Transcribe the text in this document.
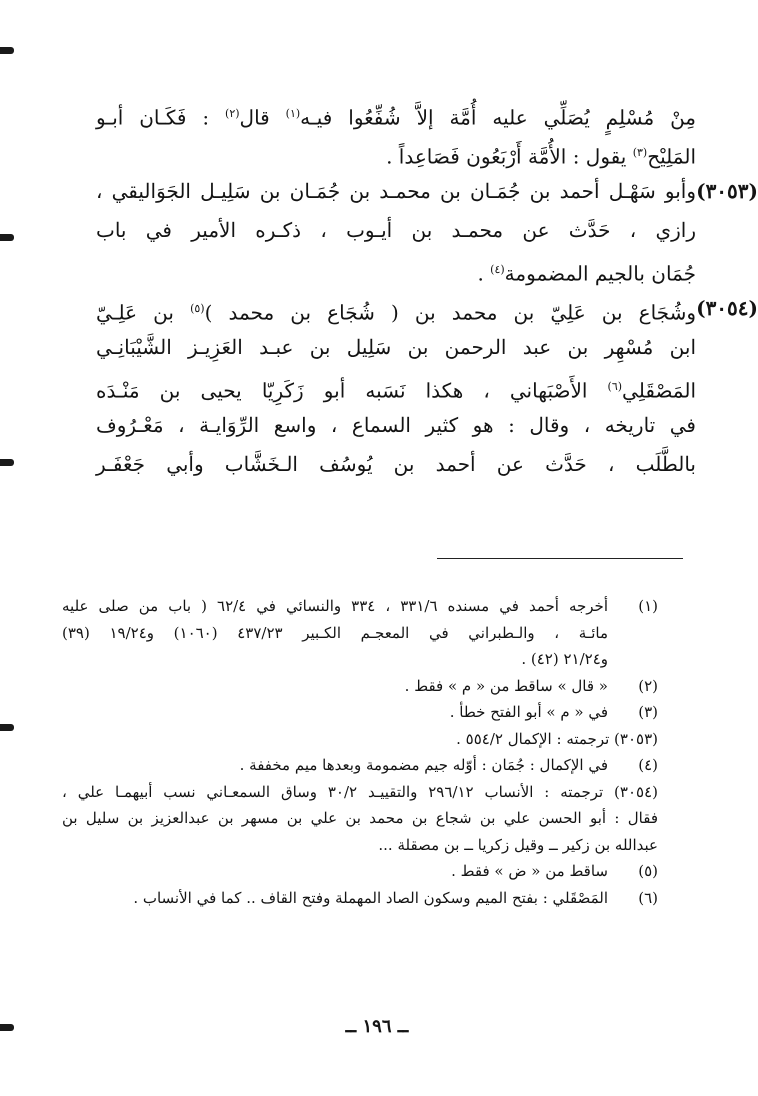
مِنْ مُسْلِمٍ يُصَلِّي عليه أُمَّة إلاَّ شُفِّعُوا فيـه$^{(١)}$ قال$^{(٢)}$ : فَكَـان أبـو
المَلِيْح$^{(٣)}$ يقول : الأُمَّة أَرْبَعُون فَصَاعِداً .
(٣٠٥٣)
وأبو سَهْـل أحمد بن جُمَـان بن محمـد بن جُمَـان بن سَلِيـل الجَوَاليقي ،
رازي ، حَدَّث عن محمـد بن أيـوب ، ذكـره الأمير في باب
جُمَان بالجيم المضمومة$^{(٤)}$ .
(٣٠٥٤)
وشُجَاع بن عَلِيّ بن محمد بن ( شُجَاع بن محمد )$^{(٥)}$ بن عَلِـيّ
ابن مُسْهِر بن عبد الرحمن بن سَلِيل بن عبـد العَزِيـز الشَّيْبَانِـي
المَصْقَلِي$^{(٦)}$ الأَصْبَهاني ، هكذا نَسَبه أبو زَكَرِيّا يحيى بن مَنْـدَه
في تاريخه ، وقال : هو كثير السماع ، واسع الرِّوَايـة ، مَعْـرُوف
بالطَّلَب ، حَدَّث عن أحمد بن يُوسُف الـخَشَّاب وأبي جَعْفَـر
(١)
أخرجه أحمد في مسنده ٣٣١/٦ ، ٣٣٤ والنسائي في ٦٢/٤ ( باب من صلى عليه
مائـة ، والـطبراني في المعجـم الكـبير ٤٣٧/٢٣ (١٠٦٠) و١٩/٢٤ (٣٩)
و٢١/٢٤ (٤٢) .
(٢)
« قال » ساقط من « م » فقط .
(٣)
في « م » أبو الفتح خطأ .
(٣٠٥٣) ترجمته : الإكمال ٥٥٤/٢ .
(٤)
في الإكمال : جُمَان : أوّله جيم مضمومة وبعدها ميم مخففة .
(٣٠٥٤) ترجمته : الأنساب ٢٩٦/١٢ والتقييـد ٣٠/٢ وساق السمعـاني نسب أبيهمـا علي ،
فقال : أبو الحسن علي بن شجاع بن محمد بن علي بن مسهر بن عبدالعزيز بن سليل بن
عبدالله بن زكير ــ وقيل زكريا ــ بن مصقلة ...
(٥)
ساقط من « ض » فقط .
(٦)
المَصْقَلي : بفتح الميم وسكون الصاد المهملة وفتح القاف .. كما في الأنساب .
ــ ١٩٦ ــ
